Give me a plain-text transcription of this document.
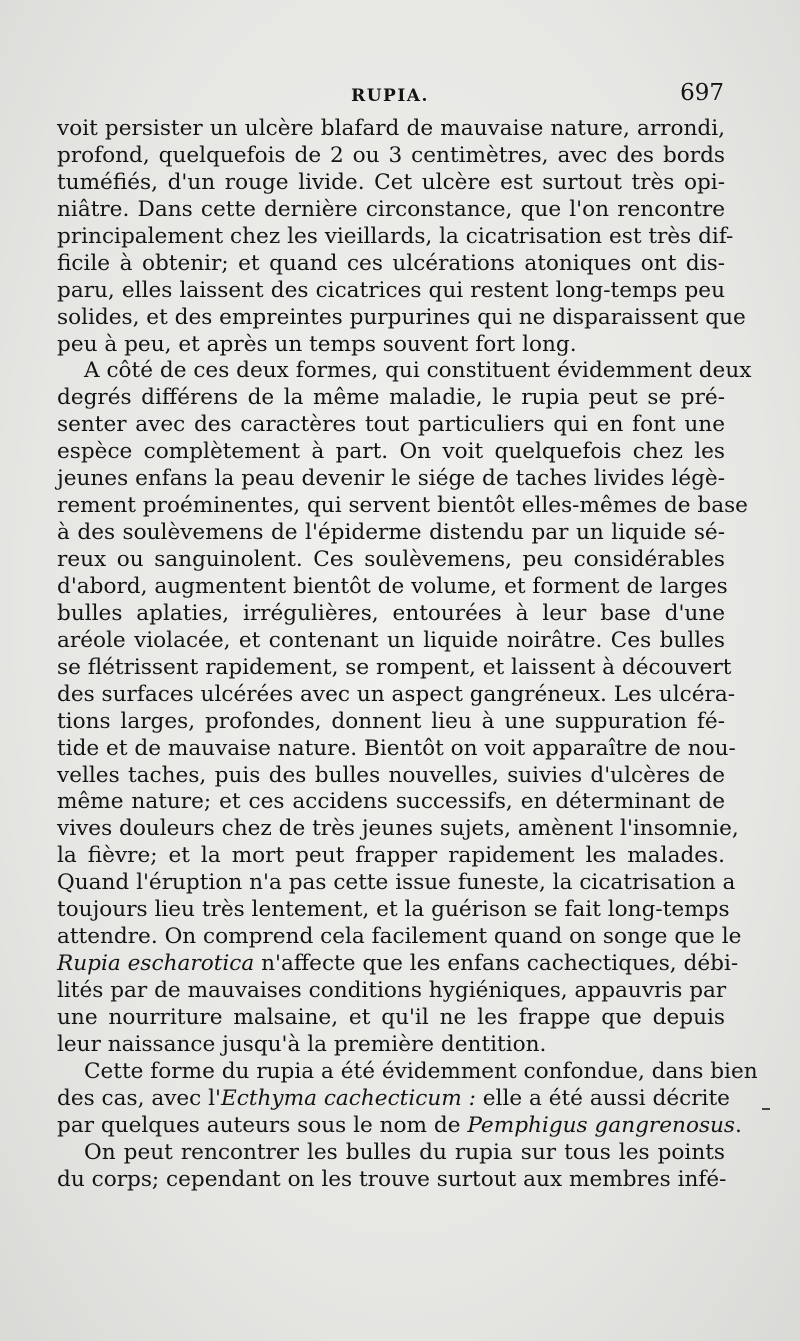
RUPIA.	697
voit persister un ulcère blafard de mauvaise nature, arrondi,
profond, quelquefois de 2 ou 3 centimètres, avec des bords
tuméfiés, d'un rouge livide. Cet ulcère est surtout très opi-
niâtre. Dans cette dernière circonstance, que l'on rencontre
principalement chez les vieillards, la cicatrisation est très dif-
ficile à obtenir; et quand ces ulcérations atoniques ont dis-
paru, elles laissent des cicatrices qui restent long-temps peu
solides, et des empreintes purpurines qui ne disparaissent que
peu à peu, et après un temps souvent fort long.
A côté de ces deux formes, qui constituent évidemment deux
degrés différens de la même maladie, le rupia peut se pré-
senter avec des caractères tout particuliers qui en font une
espèce complètement à part. On voit quelquefois chez les
jeunes enfans la peau devenir le siége de taches livides légè-
rement proéminentes, qui servent bientôt elles-mêmes de base
à des soulèvemens de l'épiderme distendu par un liquide sé-
reux ou sanguinolent. Ces soulèvemens, peu considérables
d'abord, augmentent bientôt de volume, et forment de larges
bulles aplaties, irrégulières, entourées à leur base d'une
aréole violacée, et contenant un liquide noirâtre. Ces bulles
se flétrissent rapidement, se rompent, et laissent à découvert
des surfaces ulcérées avec un aspect gangréneux. Les ulcéra-
tions larges, profondes, donnent lieu à une suppuration fé-
tide et de mauvaise nature. Bientôt on voit apparaître de nou-
velles taches, puis des bulles nouvelles, suivies d'ulcères de
même nature; et ces accidens successifs, en déterminant de
vives douleurs chez de très jeunes sujets, amènent l'insomnie,
la fièvre; et la mort peut frapper rapidement les malades.
Quand l'éruption n'a pas cette issue funeste, la cicatrisation a
toujours lieu très lentement, et la guérison se fait long-temps
attendre. On comprend cela facilement quand on songe que le
Rupia escharotica n'affecte que les enfans cachectiques, débi-
lités par de mauvaises conditions hygiéniques, appauvris par
une nourriture malsaine, et qu'il ne les frappe que depuis
leur naissance jusqu'à la première dentition.
Cette forme du rupia a été évidemment confondue, dans bien
des cas, avec l'Ecthyma cachecticum : elle a été aussi décrite
par quelques auteurs sous le nom de Pemphigus gangrenosus.
On peut rencontrer les bulles du rupia sur tous les points
du corps; cependant on les trouve surtout aux membres infé-
